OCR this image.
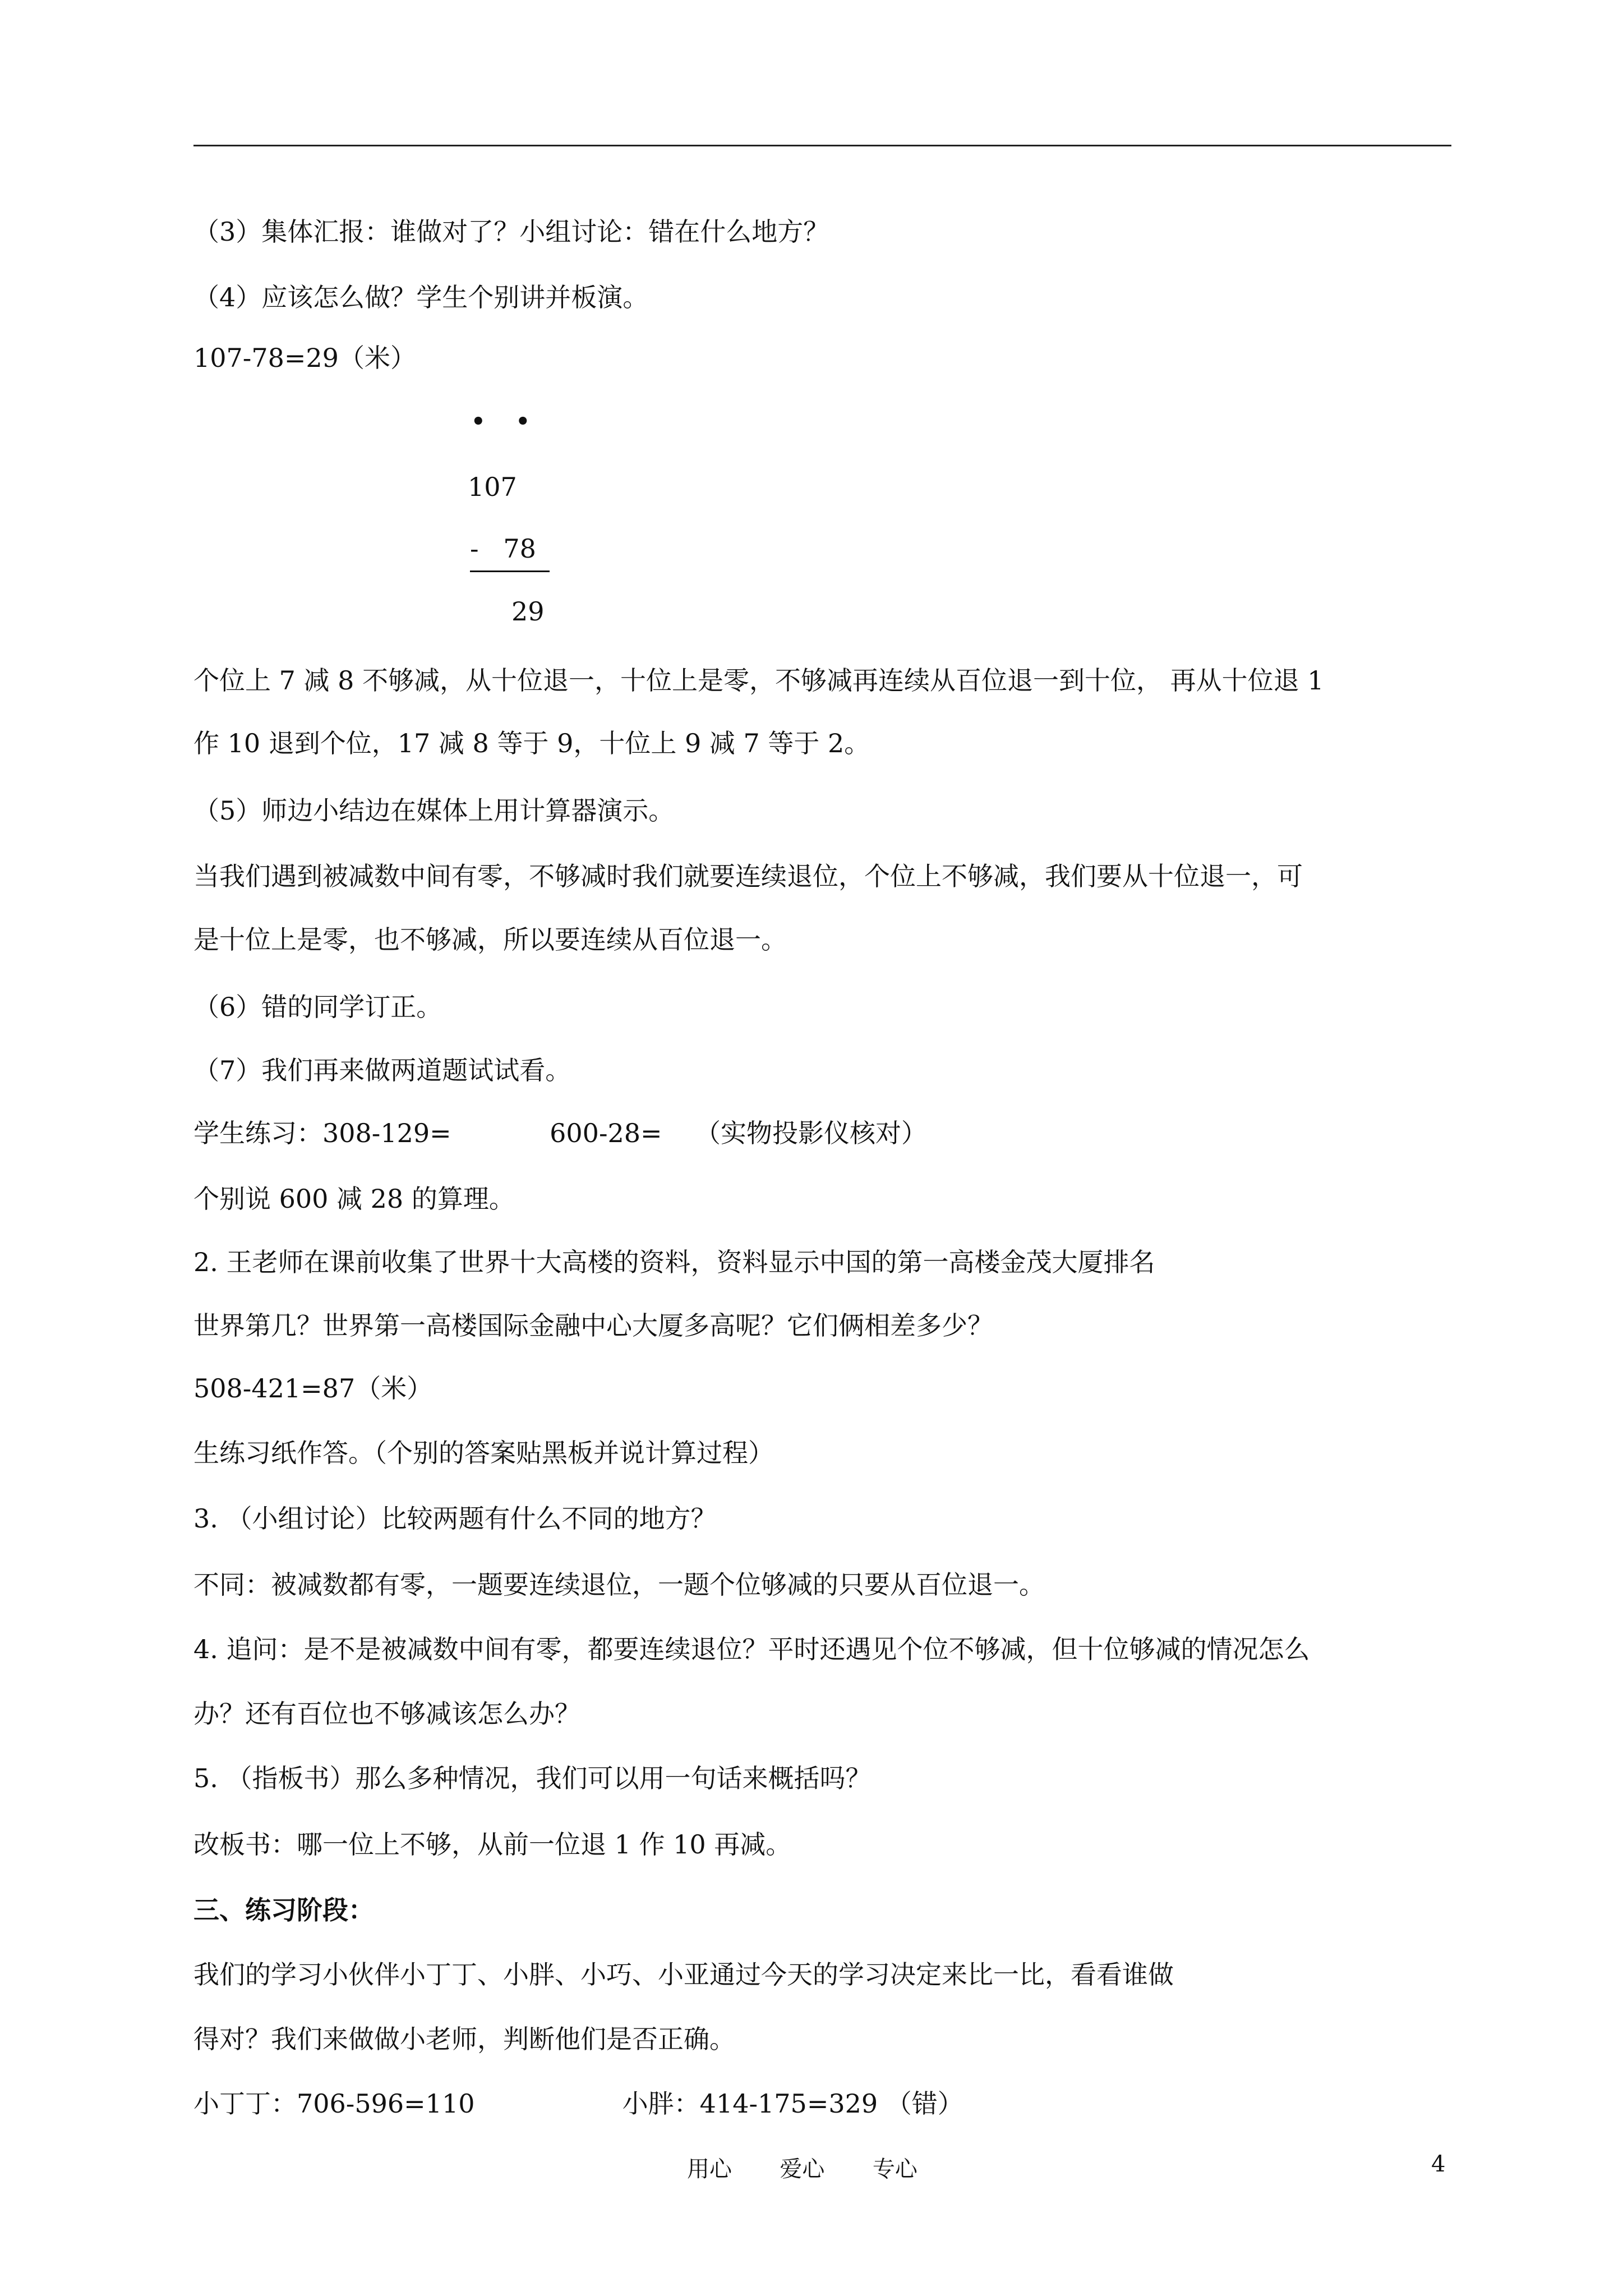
（3）集体汇报：谁做对了？小组讨论：错在什么地方？
（4）应该怎么做？学生个别讲并板演。
107-78=29（米）
• •
107
-   78
29
个位上 7 减 8 不够减，从十位退一，十位上是零，不够减再连续从百位退一到十位， 再从十位退 1
作 10 退到个位，17 减 8 等于 9，十位上 9 减 7 等于 2。
（5）师边小结边在媒体上用计算器演示。
当我们遇到被减数中间有零，不够减时我们就要连续退位，个位上不够减，我们要从十位退一，可
是十位上是零，也不够减，所以要连续从百位退一。
（6）错的同学订正。
（7）我们再来做两道题试试看。
学生练习：308-129=            600-28=    （实物投影仪核对）
个别说 600 减 28 的算理。
2. 王老师在课前收集了世界十大高楼的资料，资料显示中国的第一高楼金茂大厦排名
世界第几？世界第一高楼国际金融中心大厦多高呢？它们俩相差多少？
508-421=87（米）
生练习纸作答。（个别的答案贴黑板并说计算过程）
3. （小组讨论）比较两题有什么不同的地方？
不同：被减数都有零，一题要连续退位，一题个位够减的只要从百位退一。
4. 追问：是不是被减数中间有零，都要连续退位？平时还遇见个位不够减，但十位够减的情况怎么
办？还有百位也不够减该怎么办？
5. （指板书）那么多种情况，我们可以用一句话来概括吗？
改板书：哪一位上不够，从前一位退 1 作 10 再减。
三、练习阶段：
我们的学习小伙伴小丁丁、小胖、小巧、小亚通过今天的学习决定来比一比，看看谁做
得对？我们来做做小老师，判断他们是否正确。
小丁丁：706-596=110                  小胖：414-175=329 （错）
用心  爱心  专心	4
